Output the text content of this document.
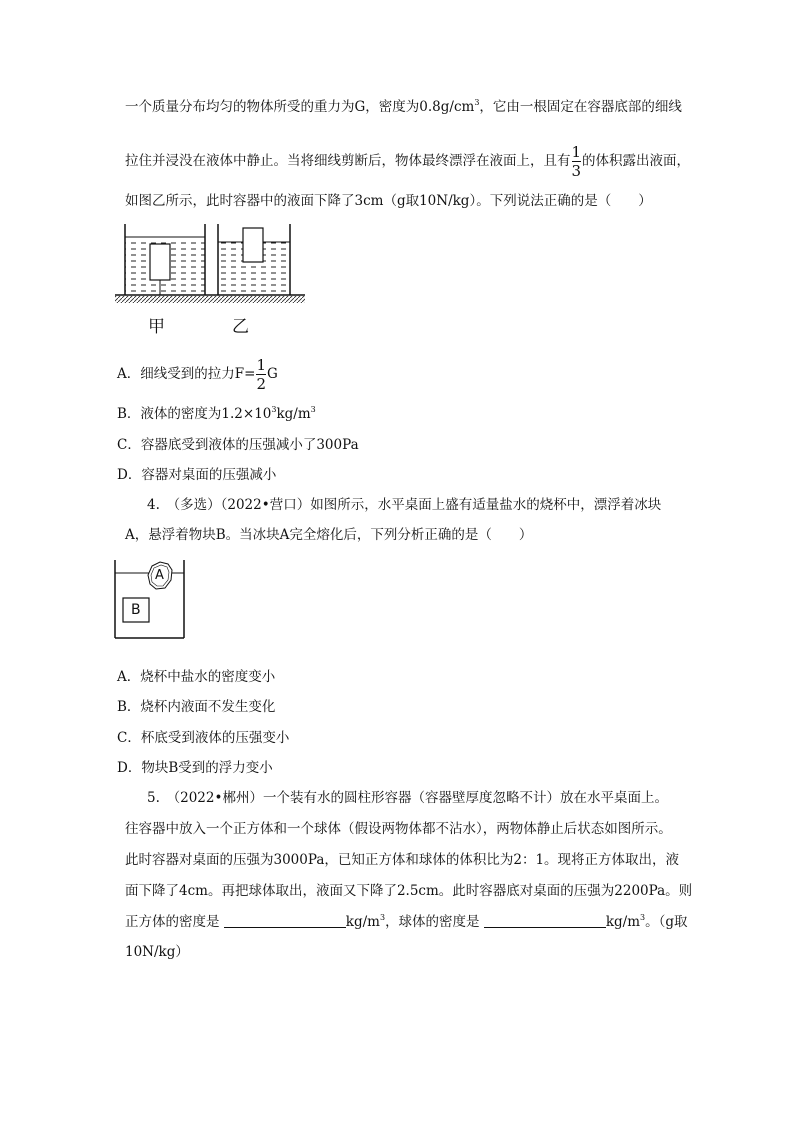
一个质量分布均匀的物体所受的重力为G，密度为$0.8g/cm^3$，它由一根固定在容器底部的细线
拉住并浸没在液体中静止。当将细线剪断后，物体最终漂浮在液面上，且有 $\frac{1}{3}$ 的体积露出液面，
如图乙所示，此时容器中的液面下降了3cm（g取10N/kg）。下列说法正确的是（　　）
甲	乙
A．细线受到的拉力$F= \frac{1}{2}$ G
B．液体的密度为$1.2\times 10^3kg/m^3$
C．容器底受到液体的压强减小了300Pa
D．容器对桌面的压强减小
4.　（多选）（2022•营口）如图所示，水平桌面上盛有适量盐水的烧杯中，漂浮着冰块
A，悬浮着物块B。当冰块A完全熔化后，下列分析正确的是（　　）
A
B
A．烧杯中盐水的密度变小
B．烧杯内液面不发生变化
C．杯底受到液体的压强变小
D．物块B受到的浮力变小
5.　（2022•郴州）一个装有水的圆柱形容器（容器壁厚度忽略不计）放在水平桌面上。
往容器中放入一个正方体和一个球体（假设两物体都不沾水），两物体静止后状态如图所示。
此时容器对桌面的压强为3000Pa，已知正方体和球体的体积比为2：1。现将正方体取出，液
面下降了4cm。再把球体取出，液面又下降了2.5cm。此时容器底对桌面的压强为2200Pa。则
正方体的密度是	$kg/m^3$，球体的密度是	$kg/m^3$。（g取
10N/kg）
